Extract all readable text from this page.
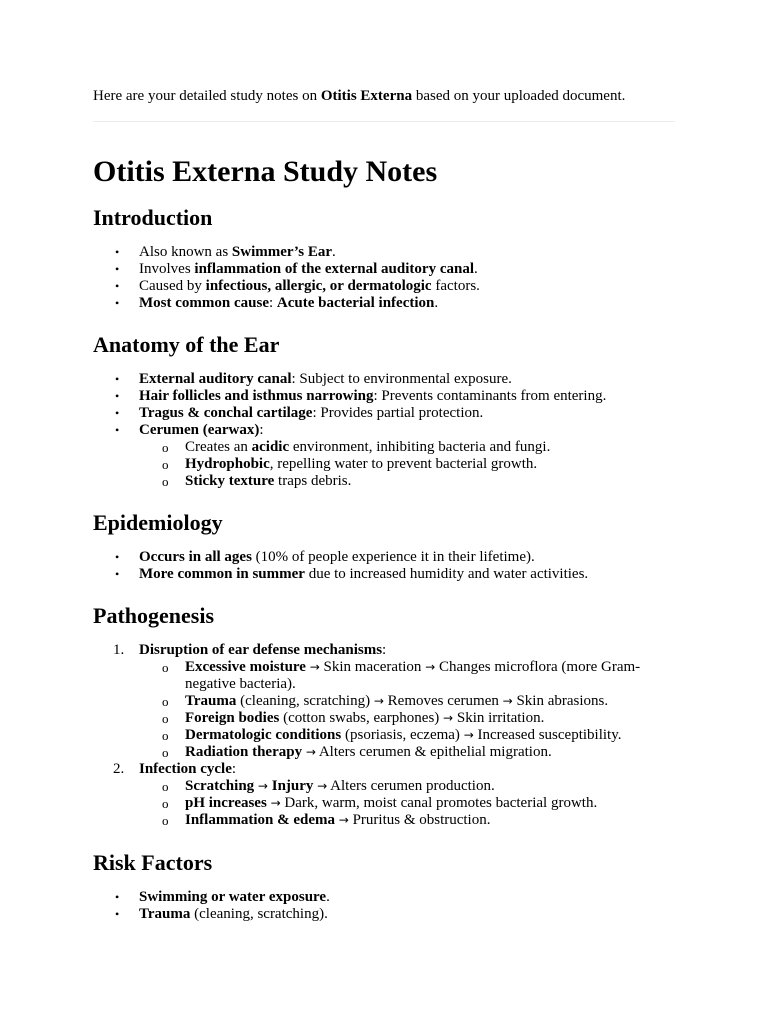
Here are your detailed study notes on Otitis Externa based on your uploaded document.
Otitis Externa Study Notes
Introduction
• Also known as Swimmer’s Ear.
• Involves inflammation of the external auditory canal.
• Caused by infectious, allergic, or dermatologic factors.
• Most common cause: Acute bacterial infection.
Anatomy of the Ear
• External auditory canal: Subject to environmental exposure.
• Hair follicles and isthmus narrowing: Prevents contaminants from entering.
• Tragus & conchal cartilage: Provides partial protection.
• Cerumen (earwax):
o Creates an acidic environment, inhibiting bacteria and fungi.
o Hydrophobic, repelling water to prevent bacterial growth.
o Sticky texture traps debris.
Epidemiology
• Occurs in all ages (10% of people experience it in their lifetime).
• More common in summer due to increased humidity and water activities.
Pathogenesis
1. Disruption of ear defense mechanisms:
o Excessive moisture → Skin maceration → Changes microflora (more Gram-negative bacteria).
o Trauma (cleaning, scratching) → Removes cerumen → Skin abrasions.
o Foreign bodies (cotton swabs, earphones) → Skin irritation.
o Dermatologic conditions (psoriasis, eczema) → Increased susceptibility.
o Radiation therapy → Alters cerumen & epithelial migration.
2. Infection cycle:
o Scratching → Injury → Alters cerumen production.
o pH increases → Dark, warm, moist canal promotes bacterial growth.
o Inflammation & edema → Pruritus & obstruction.
Risk Factors
• Swimming or water exposure.
• Trauma (cleaning, scratching).
